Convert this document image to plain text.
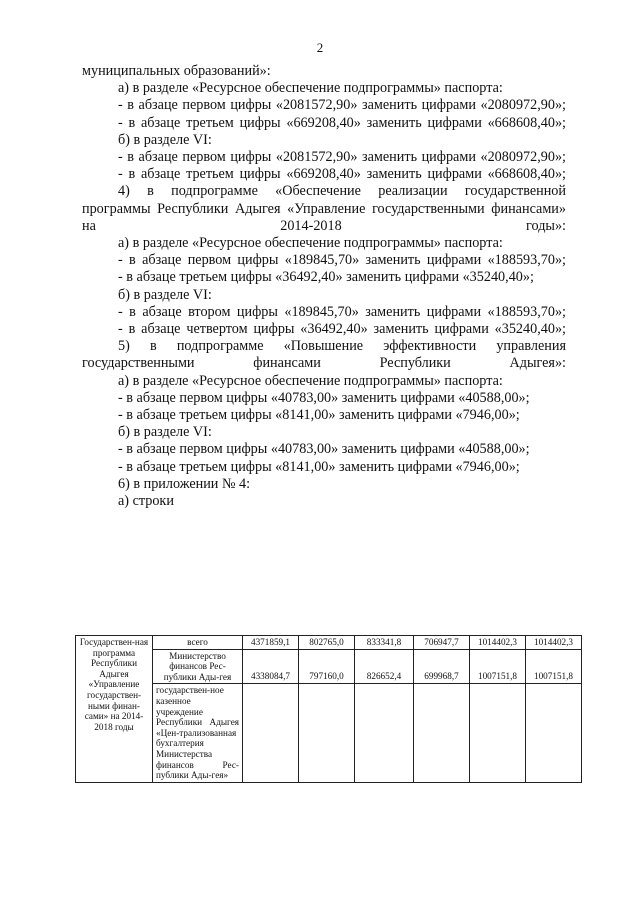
2

муниципальных образований»:

а) в разделе «Ресурсное обеспечение подпрограммы» паспорта:

- в абзаце первом цифры «2081572,90» заменить цифрами «2080972,90»;

- в абзаце третьем цифры «669208,40» заменить цифрами «668608,40»;

б) в разделе VI:

- в абзаце первом цифры «2081572,90» заменить цифрами «2080972,90»;

- в абзаце третьем цифры «669208,40» заменить цифрами «668608,40»;

4) в подпрограмме «Обеспечение реализации государственной программы Республики Адыгея «Управление государственными финансами» на 2014-2018 годы»:

а) в разделе «Ресурсное обеспечение подпрограммы» паспорта:

- в абзаце первом цифры «189845,70» заменить цифрами «188593,70»;

- в абзаце третьем цифры «36492,40» заменить цифрами «35240,40»;

б) в разделе VI:

- в абзаце втором цифры «189845,70» заменить цифрами «188593,70»;

- в абзаце четвертом цифры «36492,40» заменить цифрами «35240,40»;

5) в подпрограмме «Повышение эффективности управления государственными финансами Республики Адыгея»:

а) в разделе «Ресурсное обеспечение подпрограммы» паспорта:

- в абзаце первом цифры «40783,00» заменить цифрами «40588,00»;

- в абзаце третьем цифры «8141,00» заменить цифрами «7946,00»;

б) в разделе VI:

- в абзаце первом цифры «40783,00» заменить цифрами «40588,00»;

- в абзаце третьем цифры «8141,00» заменить цифрами «7946,00»;

6) в приложении № 4:

а) строки

Государствен-ная программа Республики Адыгея «Управление государствен-ными финан-сами» на 2014-2018 годы	всего	4371859,1	802765,0	833341,8	706947,7	1014402,3	1014402,3
	Министерство финансов Рес-публики Ады-гея	4338084,7	797160,0	826652,4	699968,7	1007151,8	1007151,8
	государствен-ное казенное учреждение Республики Адыгея «Цен-трализованная бухгалтерия Министерства финансов Рес-публики Ады-гея»						
